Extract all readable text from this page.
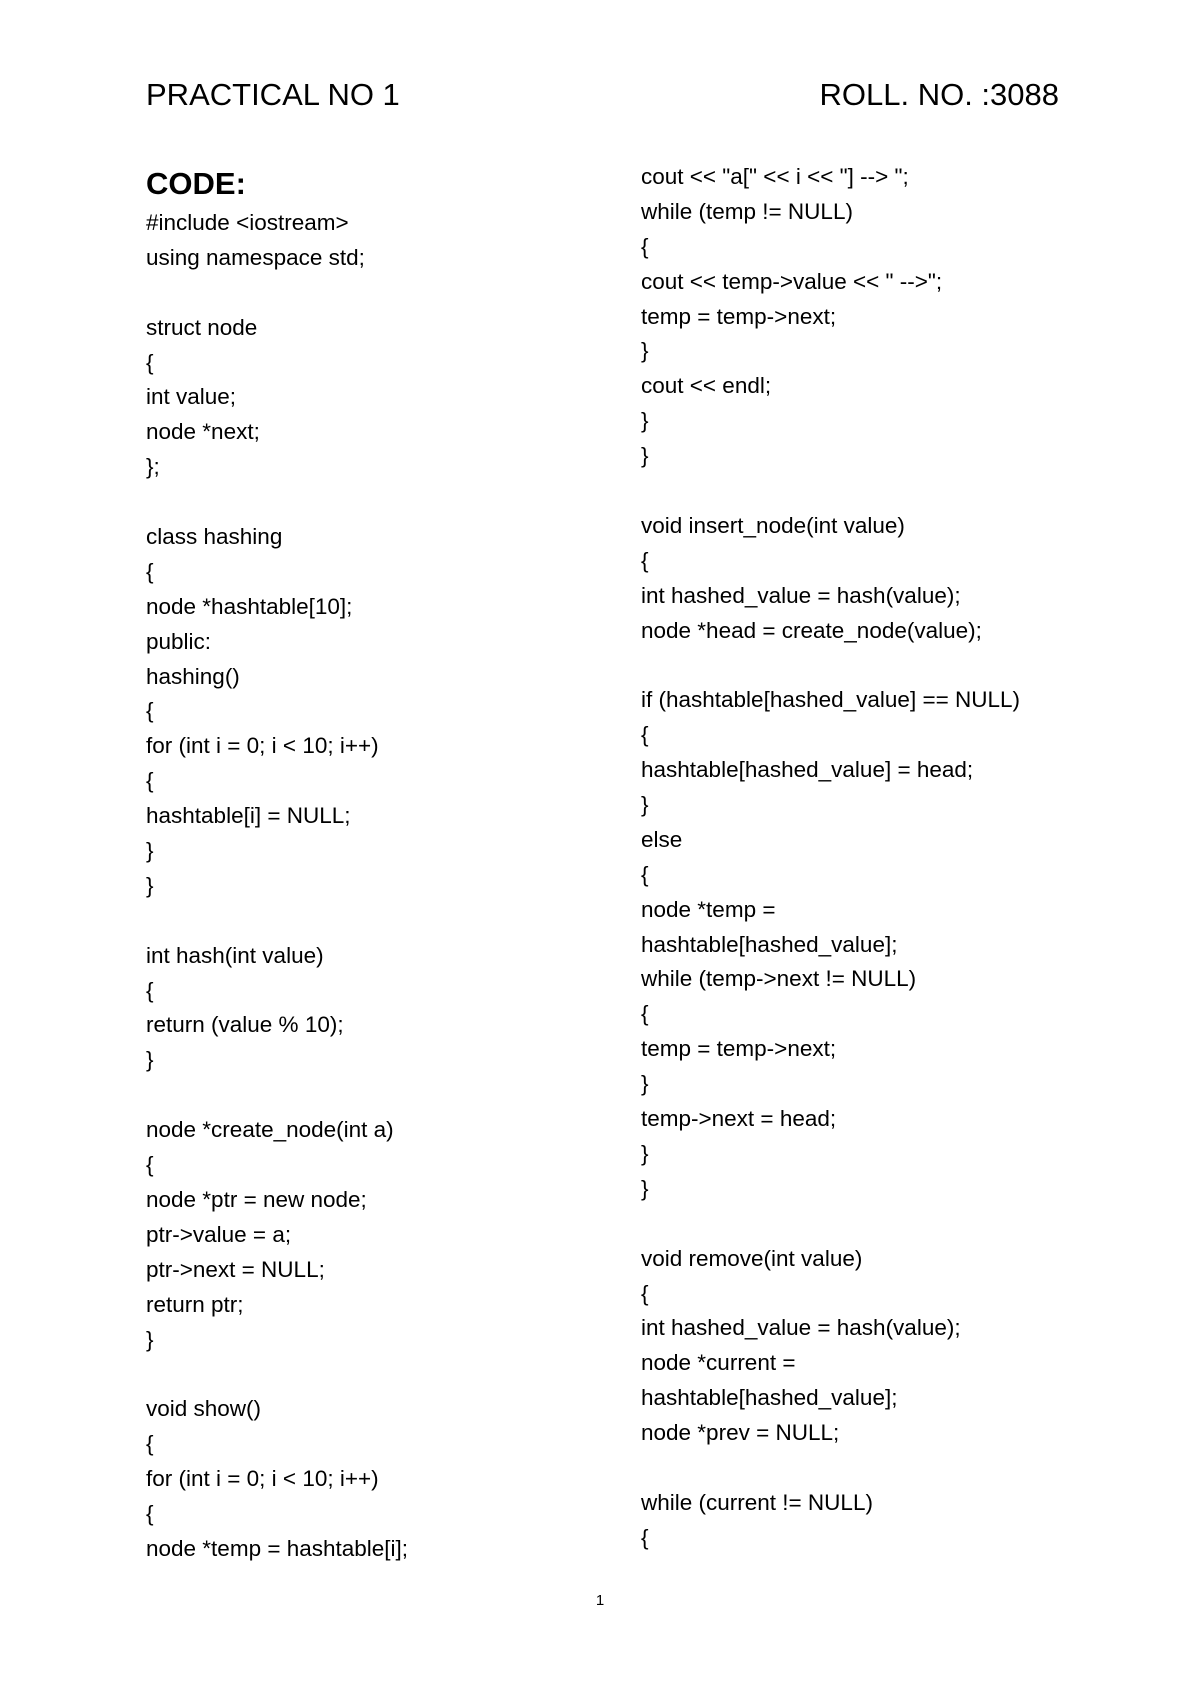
PRACTICAL NO 1	ROLL. NO. :3088
CODE:
#include <iostream>
using namespace std;
struct node
{
int value;
node *next;
};
class hashing
{
node *hashtable[10];
public:
hashing()
{
for (int i = 0; i < 10; i++)
{
hashtable[i] = NULL;
}
}
int hash(int value)
{
return (value % 10);
}
node *create_node(int a)
{
node *ptr = new node;
ptr->value = a;
ptr->next = NULL;
return ptr;
}
void show()
{
for (int i = 0; i < 10; i++)
{
node *temp = hashtable[i];
cout << "a[" << i << "] --> ";
while (temp != NULL)
{
cout << temp->value << " -->";
temp = temp->next;
}
cout << endl;
}
}
void insert_node(int value)
{
int hashed_value = hash(value);
node *head = create_node(value);
if (hashtable[hashed_value] == NULL)
{
hashtable[hashed_value] = head;
}
else
{
node *temp =
hashtable[hashed_value];
while (temp->next != NULL)
{
temp = temp->next;
}
temp->next = head;
}
}
void remove(int value)
{
int hashed_value = hash(value);
node *current =
hashtable[hashed_value];
node *prev = NULL;
while (current != NULL)
{
1
